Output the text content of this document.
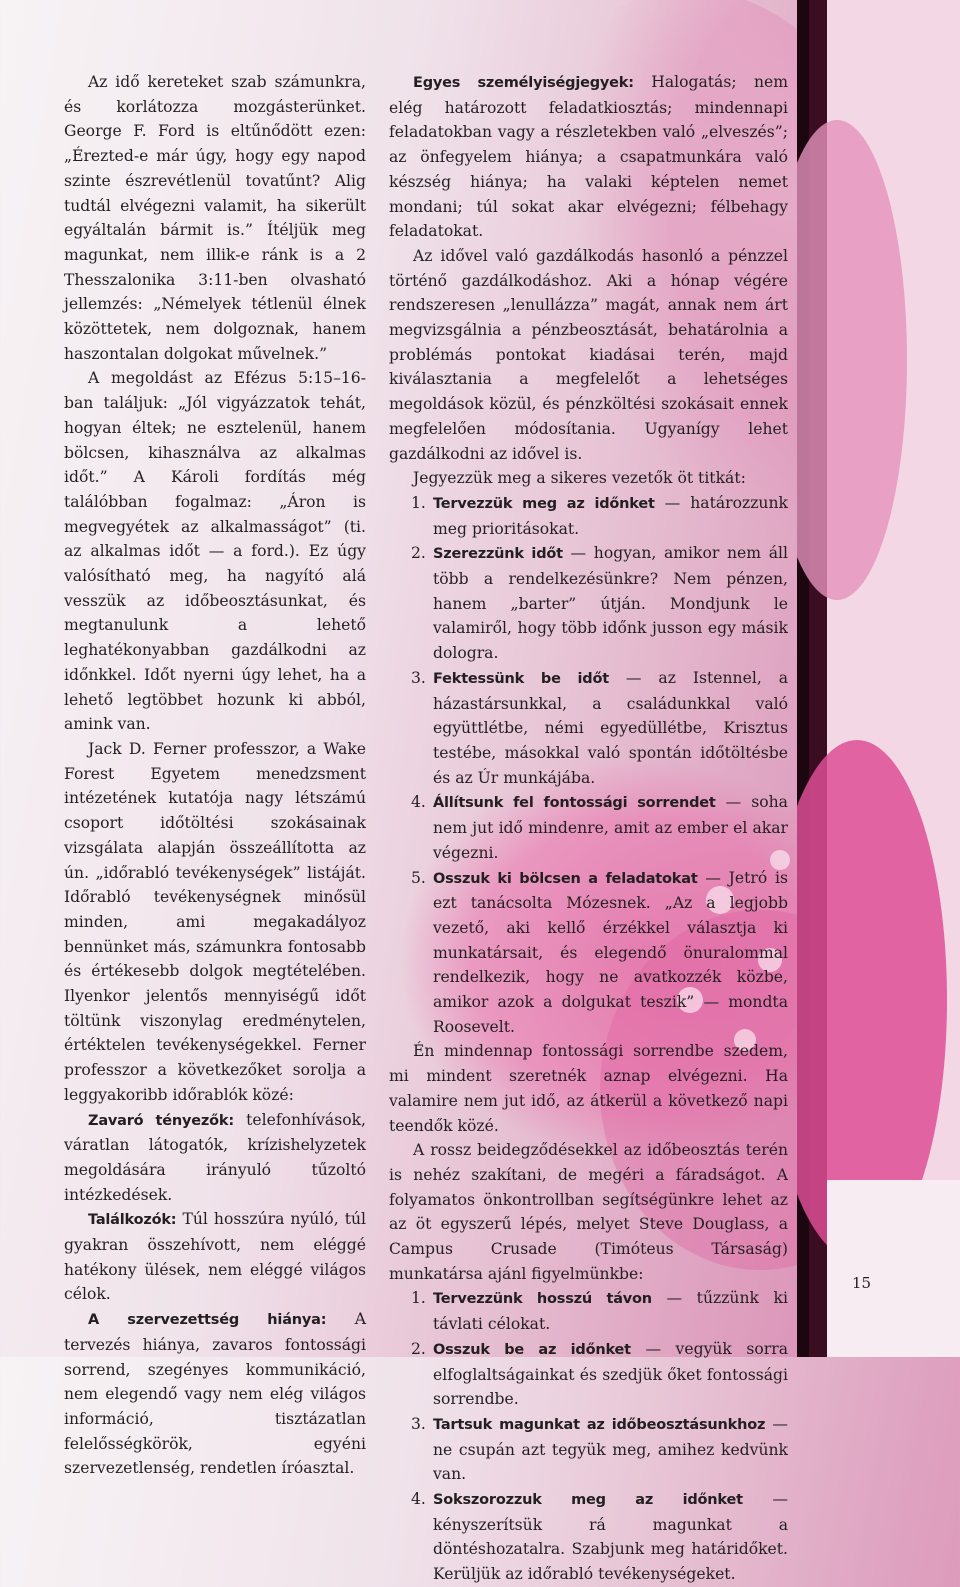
Az idő kereteket szab számunkra, és korlátozza mozgásterünket. George F. Ford is eltűnődött ezen: „Érezted-e már úgy, hogy egy napod szinte észrevétlenül tovatűnt? Alig tudtál elvégezni valamit, ha sikerült egyáltalán bármit is.” Ítéljük meg magunkat, nem illik-e ránk is a 2 Thesszalonika 3:11-ben olvasható jellemzés: „Némelyek tétlenül élnek közöttetek, nem dolgoznak, hanem haszontalan dolgokat művelnek.”

A megoldást az Efézus 5:15–16-ban találjuk: „Jól vigyázzatok tehát, hogyan éltek; ne esztelenül, hanem bölcsen, kihasználva az alkalmas időt.” A Károli fordítás még találóbban fogalmaz: „Áron is megvegyétek az alkalmasságot” (ti. az alkalmas időt — a ford.). Ez úgy valósítható meg, ha nagyító alá vesszük az időbeosztásunkat, és megtanulunk a lehető leghatékonyabban gazdálkodni az időnkkel. Időt nyerni úgy lehet, ha a lehető legtöbbet hozunk ki abból, amink van.

Jack D. Ferner professzor, a Wake Forest Egyetem menedzsment intézetének kutatója nagy létszámú csoport időtöltési szokásainak vizsgálata alapján összeállította az ún. „időrabló tevékenységek” listáját. Időrabló tevékenységnek minősül minden, ami megakadályoz bennünket más, számunkra fontosabb és értékesebb dolgok megtételében. Ilyenkor jelentős mennyiségű időt töltünk viszonylag eredménytelen, értéktelen tevékenységekkel. Ferner professzor a következőket sorolja a leggyakoribb időrablók közé:

Zavaró tényezők: telefonhívások, váratlan látogatók, krízishelyzetek megoldására irányuló tűzoltó intézkedések.

Találkozók: Túl hosszúra nyúló, túl gyakran összehívott, nem eléggé hatékony ülések, nem eléggé világos célok.

A szervezettség hiánya: A tervezés hiánya, zavaros fontossági sorrend, szegényes kommunikáció, nem elegendő vagy nem elég világos információ, tisztázatlan felelősségkörök, egyéni szervezetlenség, rendetlen íróasztal.

Egyes személyiségjegyek: Halogatás; nem elég határozott feladatkiosztás; mindennapi feladatokban vagy a részletekben való „elveszés”; az önfegyelem hiánya; a csapatmunkára való készség hiánya; ha valaki képtelen nemet mondani; túl sokat akar elvégezni; félbehagy feladatokat.

Az idővel való gazdálkodás hasonló a pénzzel történő gazdálkodáshoz. Aki a hónap végére rendszeresen „lenullázza” magát, annak nem árt megvizsgálnia a pénzbeosztását, behatárolnia a problémás pontokat kiadásai terén, majd kiválasztania a megfelelőt a lehetséges megoldások közül, és pénzköltési szokásait ennek megfelelően módosítania. Ugyanígy lehet gazdálkodni az idővel is.

Jegyezzük meg a sikeres vezetők öt titkát:

1. Tervezzük meg az időnket — határozzunk meg prioritásokat.
2. Szerezzünk időt — hogyan, amikor nem áll több a rendelkezésünkre? Nem pénzen, hanem „barter” útján. Mondjunk le valamiről, hogy több időnk jusson egy másik dologra.
3. Fektessünk be időt — az Istennel, a házastársunkkal, a családunkkal való együttlétbe, némi egyedüllétbe, Krisztus testébe, másokkal való spontán időtöltésbe és az Úr munkájába.
4. Állítsunk fel fontossági sorrendet — soha nem jut idő mindenre, amit az ember el akar végezni.
5. Osszuk ki bölcsen a feladatokat — Jetró is ezt tanácsolta Mózesnek. „Az a legjobb vezető, aki kellő érzékkel választja ki munkatársait, és elegendő önuralommal rendelkezik, hogy ne avatkozzék közbe, amikor azok a dolgukat teszik” — mondta Roosevelt.

Én mindennap fontossági sorrendbe szedem, mi mindent szeretnék aznap elvégezni. Ha valamire nem jut idő, az átkerül a következő napi teendők közé.

A rossz beidegződésekkel az időbeosztás terén is nehéz szakítani, de megéri a fáradságot. A folyamatos önkontrollban segítségünkre lehet az az öt egyszerű lépés, melyet Steve Douglass, a Campus Crusade (Timóteus Társaság) munkatársa ajánl figyelmünkbe:

1. Tervezzünk hosszú távon — tűzzünk ki távlati célokat.
2. Osszuk be az időnket — vegyük sorra elfoglaltságainkat és szedjük őket fontossági sorrendbe.
3. Tartsuk magunkat az időbeosztásunkhoz — ne csupán azt tegyük meg, amihez kedvünk van.
4. Sokszorozzuk meg az időnket — kényszerítsük rá magunkat a döntéshozatalra. Szabjunk meg határidőket. Kerüljük az időrabló tevékenységeket.
15
